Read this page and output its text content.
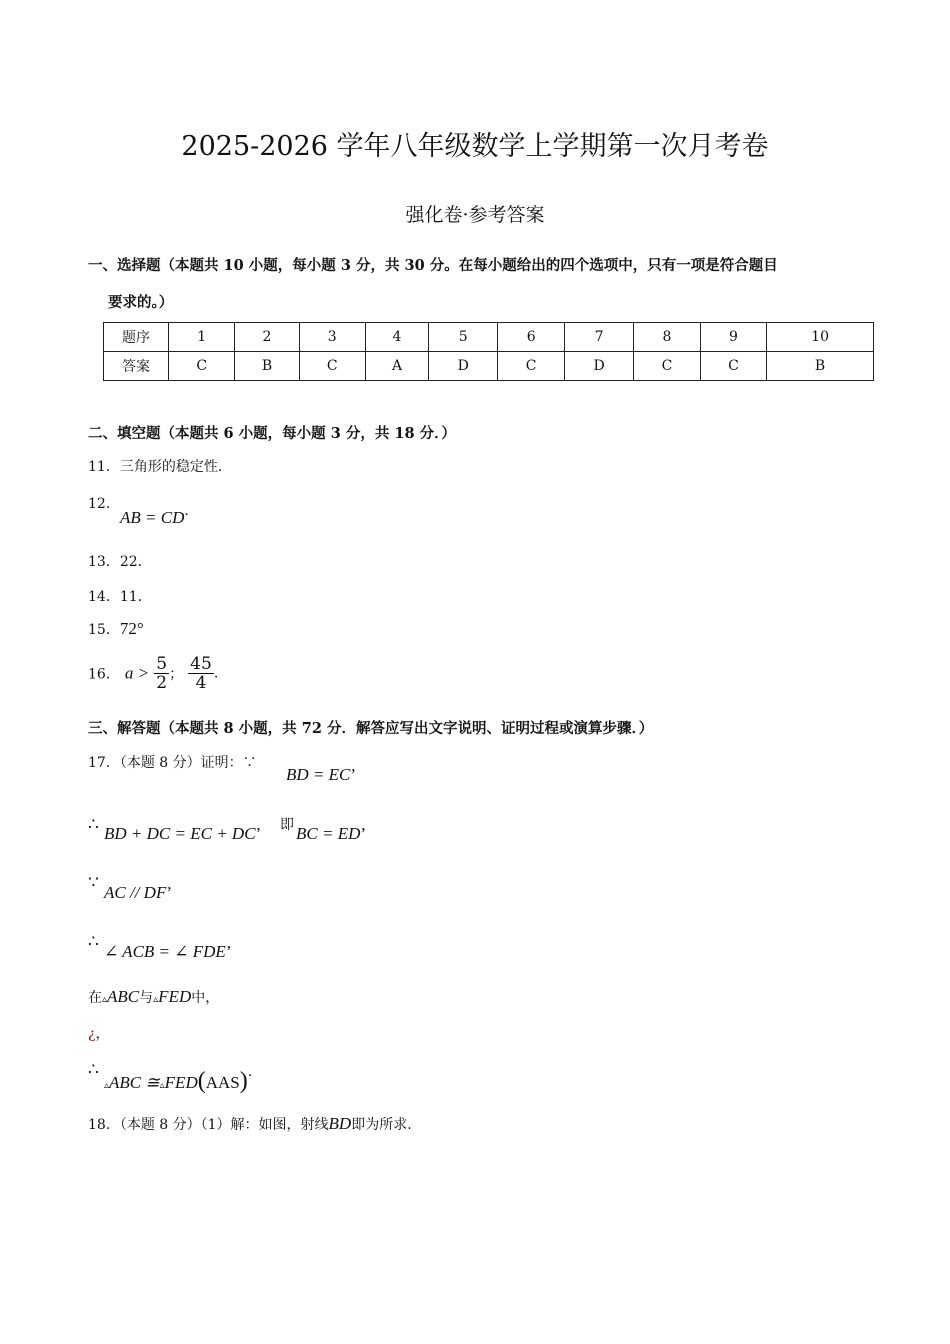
2025-2026 学年八年级数学上学期第一次月考卷
强化卷·参考答案
一、选择题（本题共 10 小题，每小题 3 分，共 30 分。在每小题给出的四个选项中，只有一项是符合题目
要求的。）
题序	1	2	3	4	5	6	7	8	9	10
答案	C	B	C	A	D	C	D	C	C	B
二、填空题（本题共 6 小题，每小题 3 分，共 18 分．）
11．三角形的稳定性．
12．
AB = CD.
13．22．
14．11．
15．72°
16． $a > \frac{5}{2}$ ； $\frac{45}{4}$ .
三、解答题（本题共 8 小题，共 72 分．解答应写出文字说明、证明过程或演算步骤．）
17．（本题 8 分）证明：∵
BD = EC’
∴ BD + DC = EC + DC’ 即 BC = ED’
∵ AC // DF’
∴ ∠ ACB = ∠ FDE’
在▵ABC与▵FED中，
¿，
∴
▵ABC ≅▵FED(AAS)·
18．（本题 8 分）（1）解：如图，射线BD即为所求．
